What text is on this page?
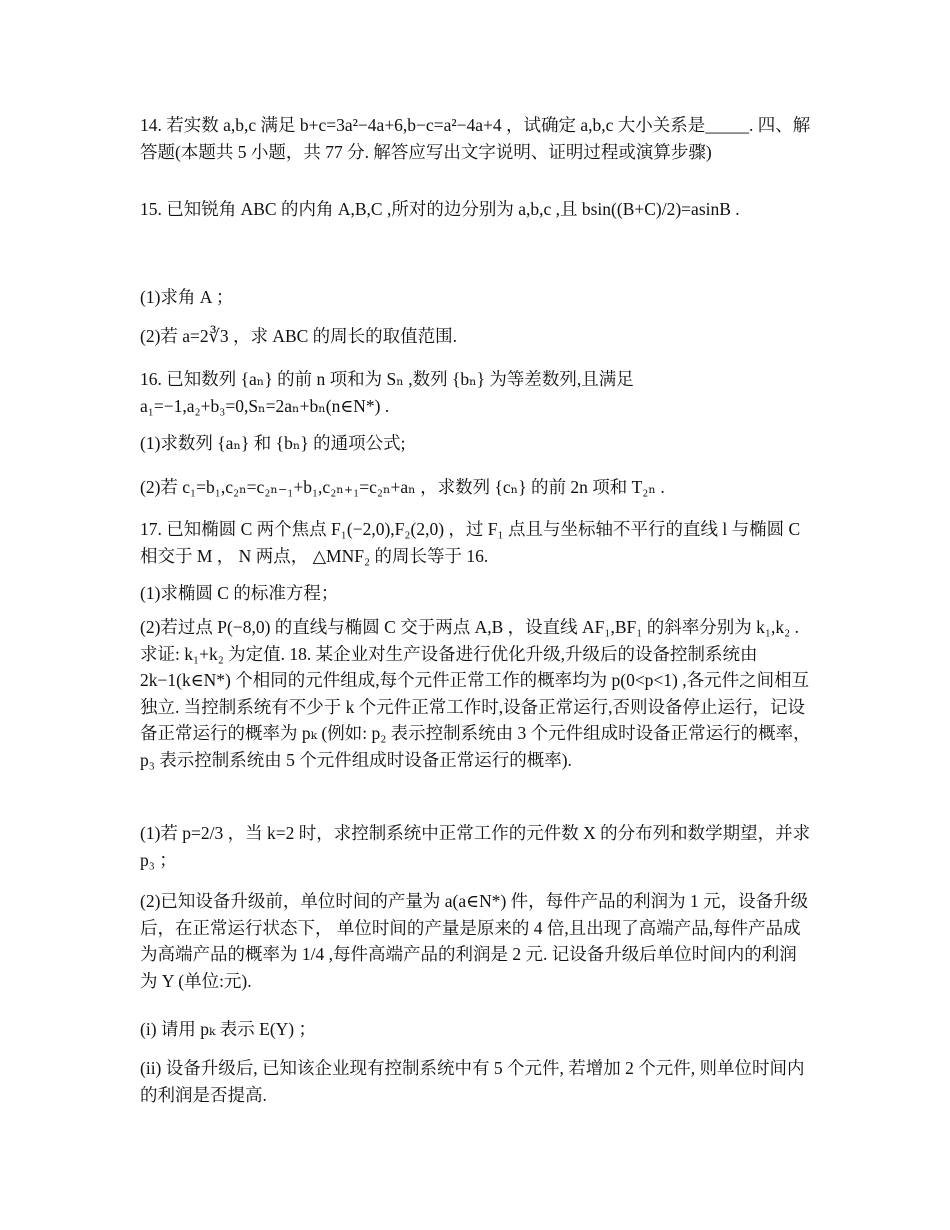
14. 若实数 a,b,c 满足 b+c=3a²−4a+6,b−c=a²−4a+4 ，试确定 a,b,c 大小关系是_____. 四、解答题(本题共 5 小题，共 77 分. 解答应写出文字说明、证明过程或演算步骤)

15. 已知锐角 ABC 的内角 A,B,C ,所对的边分别为 a,b,c ,且 bsin((B+C)/2)=asinB .

(1)求角 A ；

(2)若 a=2∛3 ，求 ABC 的周长的取值范围.

16. 已知数列 {aₙ} 的前 n 项和为 Sₙ ,数列 {bₙ} 为等差数列,且满足 a₁=−1,a₂+b₃=0,Sₙ=2aₙ+bₙ(n∈N*) .

(1)求数列 {aₙ} 和 {bₙ} 的通项公式;

(2)若 c₁=b₁,c₂ₙ=c₂ₙ₋₁+b₁,c₂ₙ₊₁=c₂ₙ+aₙ ，求数列 {cₙ} 的前 2n 项和 T₂ₙ .

17. 已知椭圆 C 两个焦点 F₁(−2,0),F₂(2,0) ，过 F₁ 点且与坐标轴不平行的直线 l 与椭圆 C 相交于 M ， N 两点， △MNF₂ 的周长等于 16.

(1)求椭圆 C 的标准方程；

(2)若过点 P(−8,0) 的直线与椭圆 C 交于两点 A,B ，设直线 AF₁,BF₁ 的斜率分别为 k₁,k₂ . 求证: k₁+k₂ 为定值. 18. 某企业对生产设备进行优化升级,升级后的设备控制系统由 2k−1(k∈N*) 个相同的元件组成,每个元件正常工作的概率均为 p(0<p<1) ,各元件之间相互独立. 当控制系统有不少于 k 个元件正常工作时,设备正常运行,否则设备停止运行，记设备正常运行的概率为 pₖ (例如: p₂ 表示控制系统由 3 个元件组成时设备正常运行的概率， p₃ 表示控制系统由 5 个元件组成时设备正常运行的概率).

(1)若 p=2/3 ，当 k=2 时，求控制系统中正常工作的元件数 X 的分布列和数学期望，并求 p₃ ；

(2)已知设备升级前，单位时间的产量为 a(a∈N*) 件，每件产品的利润为 1 元，设备升级后，在正常运行状态下， 单位时间的产量是原来的 4 倍,且出现了高端产品,每件产品成为高端产品的概率为 1/4 ,每件高端产品的利润是 2 元. 记设备升级后单位时间内的利润为 Y (单位:元).

(i) 请用 pₖ 表示 E(Y) ；

(ii) 设备升级后, 已知该企业现有控制系统中有 5 个元件, 若增加 2 个元件, 则单位时间内的利润是否提高.
